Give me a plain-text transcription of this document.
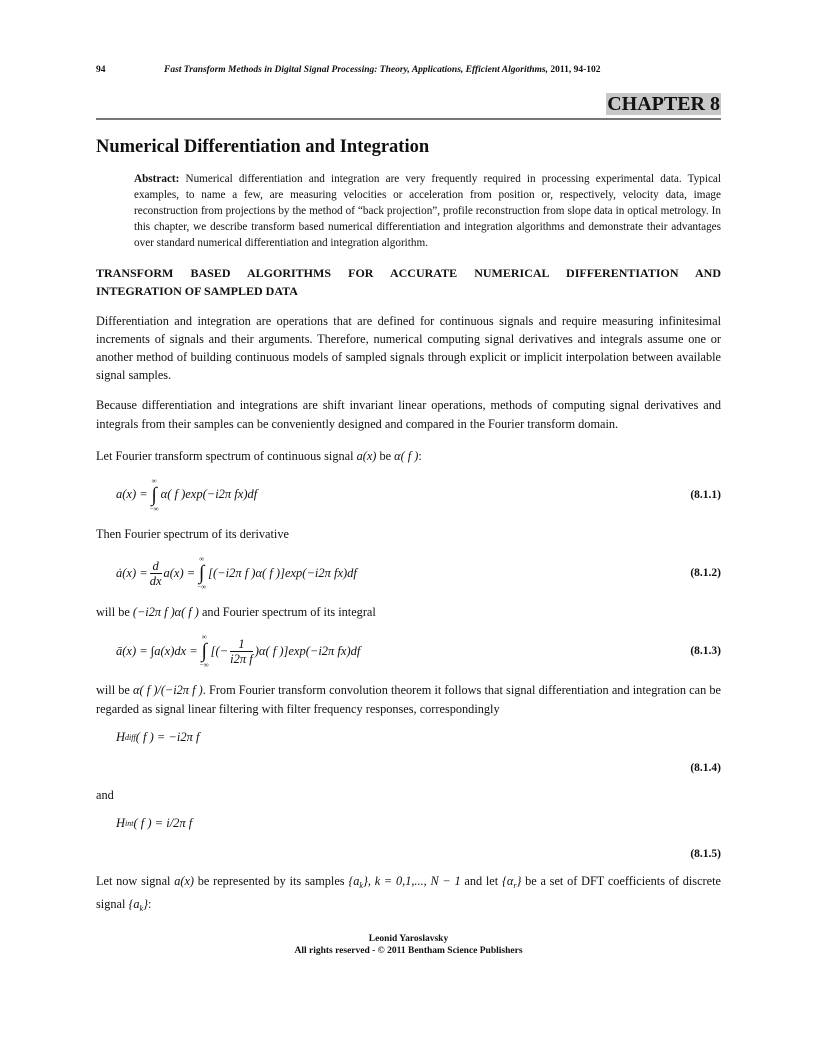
94	Fast Transform Methods in Digital Signal Processing: Theory, Applications, Efficient Algorithms, 2011, 94-102
CHAPTER 8
Numerical Differentiation and Integration
Abstract: Numerical differentiation and integration are very frequently required in processing experimental data. Typical examples, to name a few, are measuring velocities or acceleration from position or, respectively, velocity data, image reconstruction from projections by the method of “back projection”, profile reconstruction from slope data in optical metrology. In this chapter, we describe transform based numerical differentiation and integration algorithms and demonstrate their advantages over standard numerical differentiation and integration algorithm.
TRANSFORM BASED ALGORITHMS FOR ACCURATE NUMERICAL DIFFERENTIATION AND
INTEGRATION OF SAMPLED DATA
Differentiation and integration are operations that are defined for continuous signals and require measuring infinitesimal increments of signals and their arguments. Therefore, numerical computing signal derivatives and integrals assume one or another method of building continuous models of sampled signals through explicit or implicit interpolation between available signal samples.
Because differentiation and integrations are shift invariant linear operations, methods of computing signal derivatives and integrals from their samples can be conveniently designed and compared in the Fourier transform domain.
Let Fourier transform spectrum of continuous signal a(x) be α( f ):
a(x) =
∞
∫
−∞
α( f )exp(−i2π fx)df	(8.1.1)
Then Fourier spectrum of its derivative
ȧ(x) = $\frac{d}{dx} a(x)$ =
∞
∫
−∞
[(−i2π f )α( f )]exp(−i2π fx)df	(8.1.2)
will be (−i2π f )α( f ) and Fourier spectrum of its integral
ā(x) = ∫a(x)dx =
∞
∫
−∞
[(− $\frac{1}{\text{i2π f}} )\alpha$( f )]exp(−i2π fx)df	(8.1.3)
will be α( f )/(−i2π f ). From Fourier transform convolution theorem it follows that signal differentiation and integration can be regarded as signal linear filtering with filter frequency responses, correspondingly
H diff ( f ) = −i2π f
(8.1.4)
and
H int ( f ) = i/2π f
(8.1.5)
Let now signal a(x) be represented by its samples $\{a_k\}$, k = 0,1,..., N − 1 and let $\{\alpha_r\}$ be a set of DFT coefficients of discrete signal $\{a_k\}$:
Leonid Yaroslavsky
All rights reserved - © 2011 Bentham Science Publishers
